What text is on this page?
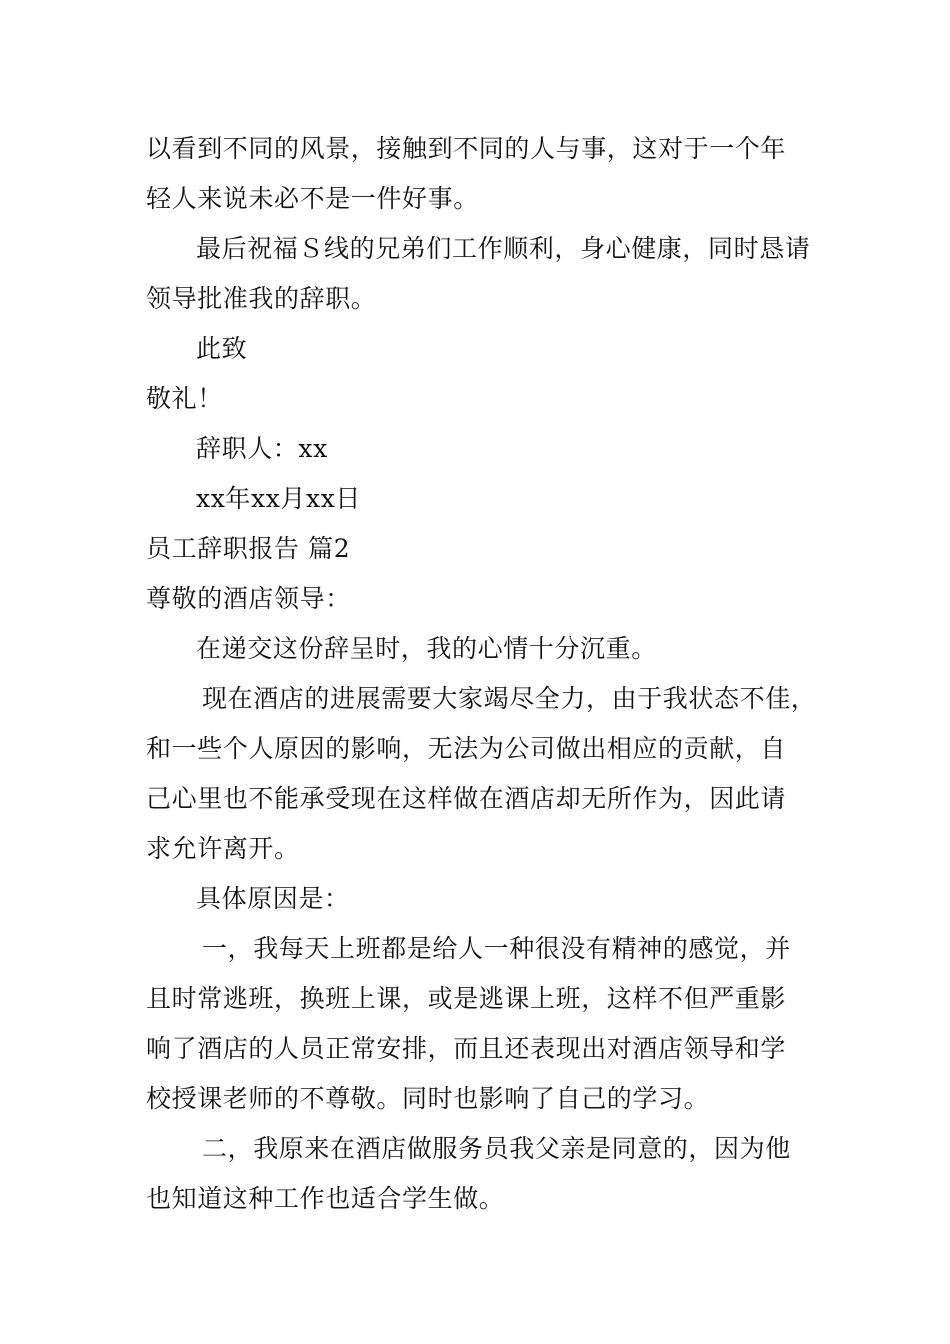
以看到不同的风景，接触到不同的人与事，这对于一个年
轻人来说未必不是一件好事。
最后祝福Ｓ线的兄弟们工作顺利，身心健康，同时恳请
领导批准我的辞职。
此致
敬礼！
辞职人：xx
xx年xx月xx日
员工辞职报告 篇2
尊敬的酒店领导：
在递交这份辞呈时，我的心情十分沉重。
现在酒店的进展需要大家竭尽全力，由于我状态不佳，
和一些个人原因的影响，无法为公司做出相应的贡献，自
己心里也不能承受现在这样做在酒店却无所作为，因此请
求允许离开。
具体原因是：
一，我每天上班都是给人一种很没有精神的感觉，并
且时常逃班，换班上课，或是逃课上班，这样不但严重影
响了酒店的人员正常安排，而且还表现出对酒店领导和学
校授课老师的不尊敬。同时也影响了自己的学习。
二，我原来在酒店做服务员我父亲是同意的，因为他
也知道这种工作也适合学生做。
